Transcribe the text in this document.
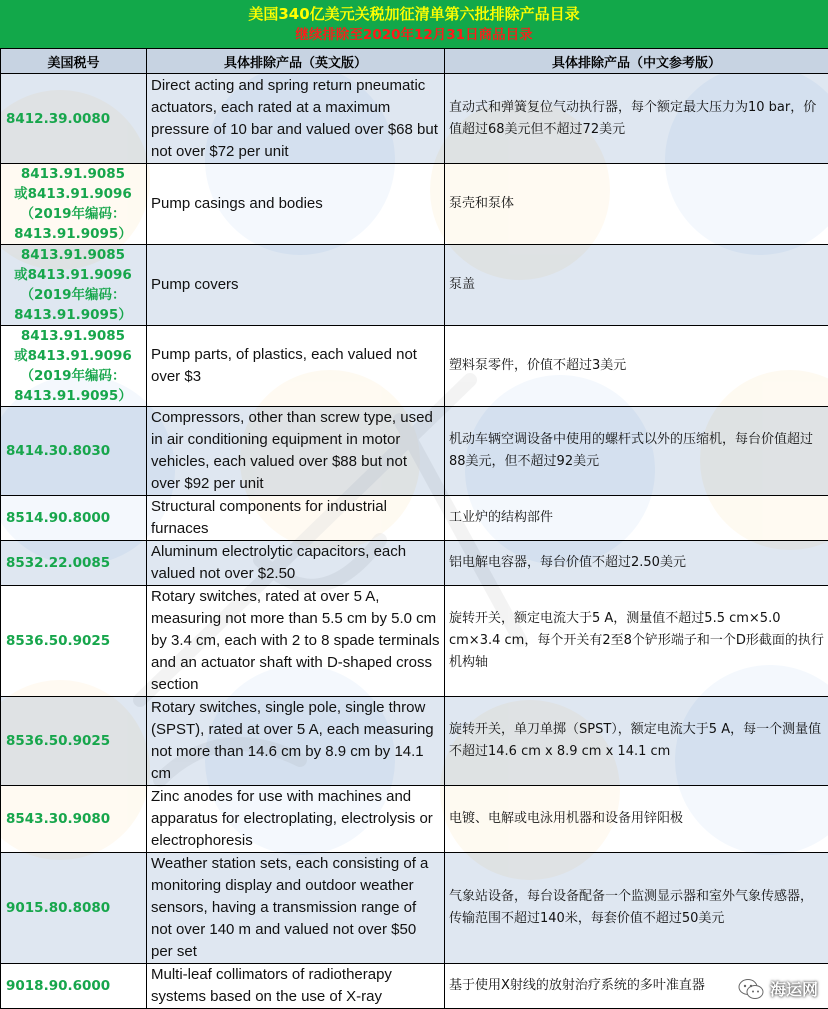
美国340亿美元关税加征清单第六批排除产品目录
继续排除至2020年12月31日商品目录
美国税号	具体排除产品（英文版）	具体排除产品（中文参考版）
8412.39.0080	Direct acting and spring return pneumatic actuators, each rated at a maximum pressure of 10 bar and valued over $68 but not over $72 per unit	直动式和弹簧复位气动执行器，每个额定最大压力为10 bar，价值超过68美元但不超过72美元
8413.91.9085
或8413.91.9096
（2019年编码：
8413.91.9095）	Pump casings and bodies	泵壳和泵体
8413.91.9085
或8413.91.9096
（2019年编码：
8413.91.9095）	Pump covers	泵盖
8413.91.9085
或8413.91.9096
（2019年编码：
8413.91.9095）	Pump parts, of plastics, each valued not over $3	塑料泵零件，价值不超过3美元
8414.30.8030	Compressors, other than screw type, used in air conditioning equipment in motor vehicles, each valued over $88 but not over $92 per unit	机动车辆空调设备中使用的螺杆式以外的压缩机，每台价值超过88美元，但不超过92美元
8514.90.8000	Structural components for industrial furnaces	工业炉的结构部件
8532.22.0085	Aluminum electrolytic capacitors, each valued not over $2.50	铝电解电容器，每台价值不超过2.50美元
8536.50.9025	Rotary switches, rated at over 5 A, measuring not more than 5.5 cm by 5.0 cm by 3.4 cm, each with 2 to 8 spade terminals and an actuator shaft with D-shaped cross section	旋转开关，额定电流大于5 A，测量值不超过5.5 cm×5.0 cm×3.4 cm，每个开关有2至8个铲形端子和一个D形截面的执行机构轴
8536.50.9025	Rotary switches, single pole, single throw (SPST), rated at over 5 A, each measuring not more than 14.6 cm by 8.9 cm by 14.1 cm	旋转开关，单刀单掷（SPST），额定电流大于5 A，每一个测量值不超过14.6 cm x 8.9 cm x 14.1 cm
8543.30.9080	Zinc anodes for use with machines and apparatus for electroplating, electrolysis or electrophoresis	电镀、电解或电泳用机器和设备用锌阳极
9015.80.8080	Weather station sets, each consisting of a monitoring display and outdoor weather sensors, having a transmission range of not over 140 m and valued not over $50 per set	气象站设备，每台设备配备一个监测显示器和室外气象传感器，传输范围不超过140米，每套价值不超过50美元
9018.90.6000	Multi-leaf collimators of radiotherapy systems based on the use of X-ray	基于使用X射线的放射治疗系统的多叶准直器	海运网
